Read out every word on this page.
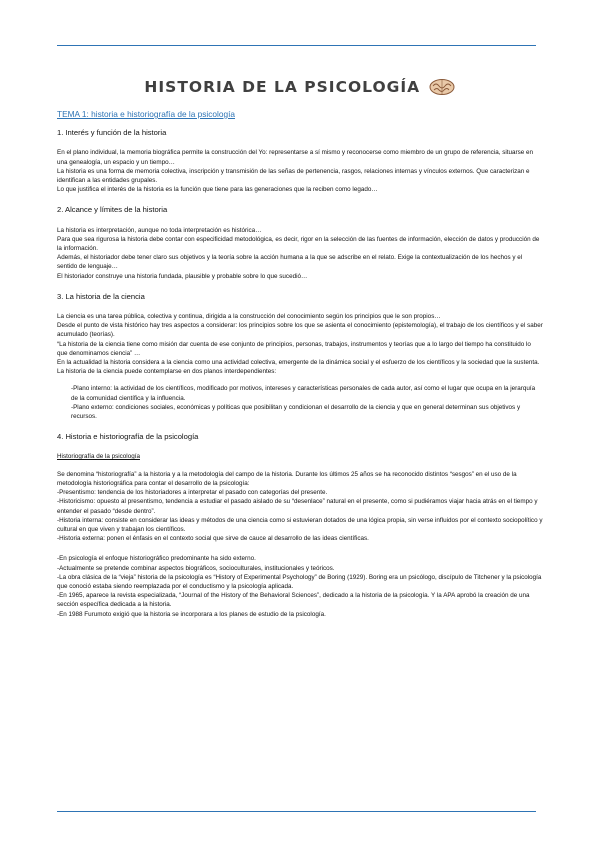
HISTORIA DE LA PSICOLOGÍA
TEMA 1: historia e historiografía de la psicología
1. Interés y función de la historia

En el plano individual, la memoria biográfica permite la construcción del Yo: representarse a sí mismo y reconocerse como miembro de un grupo de referencia, situarse en una genealogía, un espacio y un tiempo…

La historia es una forma de memoria colectiva, inscripción y transmisión de las señas de pertenencia, rasgos, relaciones internas y vínculos externos. Que caracterizan e identifican a las entidades grupales.

Lo que justifica el interés de la historia es la función que tiene para las generaciones que la reciben como legado…

2. Alcance y límites de la historia

La historia es interpretación, aunque no toda interpretación es histórica…

Para que sea rigurosa la historia debe contar con especificidad metodológica, es decir, rigor en la selección de las fuentes de información, elección de datos y producción de la información.

Además, el historiador debe tener claro sus objetivos y la teoría sobre la acción humana a la que se adscribe en el relato. Exige la contextualización de los hechos y el sentido de lenguaje…

El historiador construye una historia fundada, plausible y probable sobre lo que sucedió…

3. La historia de la ciencia

La ciencia es una tarea pública, colectiva y continua, dirigida a la construcción del conocimiento según los principios que le son propios…

Desde el punto de vista histórico hay tres aspectos a considerar: los principios sobre los que se asienta el conocimiento (epistemología), el trabajo de los científicos y el saber acumulado (teorías).

“La historia de la ciencia tiene como misión dar cuenta de ese conjunto de principios, personas, trabajos, instrumentos y teorías que a lo largo del tiempo ha constituido lo que denominamos ciencia” …

En la actualidad la historia considera a la ciencia como una actividad colectiva, emergente de la dinámica social y el esfuerzo de los científicos y la sociedad que la sustenta.

La historia de la ciencia puede contemplarse en dos planos interdependientes:

-Plano interno: la actividad de los científicos, modificado por motivos, intereses y características personales de cada autor, así como el lugar que ocupa en la jerarquía de la comunidad científica y la influencia.

-Plano externo: condiciones sociales, económicas y políticas que posibilitan y condicionan el desarrollo de la ciencia y que en general determinan sus objetivos y recursos.

4. Historia e historiografía de la psicología
Historiografía de la psicología

Se denomina “historiografía” a la historia y a la metodología del campo de la historia. Durante los últimos 25 años se ha reconocido distintos “sesgos” en el uso de la metodología historiográfica para contar el desarrollo de la psicología:

-Presentismo: tendencia de los historiadores a interpretar el pasado con categorías del presente.

-Historicismo: opuesto al presentismo, tendencia a estudiar el pasado aislado de su “desenlace” natural en el presente, como si pudiéramos viajar hacia atrás en el tiempo y entender el pasado “desde dentro”.

-Historia interna: consiste en considerar las ideas y métodos de una ciencia como si estuvieran dotados de una lógica propia, sin verse influidos por el contexto sociopolítico y cultural en que viven y trabajan los científicos.

-Historia externa: ponen el énfasis en el contexto social que sirve de cauce al desarrollo de las ideas científicas.

-En psicología el enfoque historiográfico predominante ha sido externo.

-Actualmente se pretende combinar aspectos biográficos, socioculturales, institucionales y teóricos.

-La obra clásica de la “vieja” historia de la psicología es “History of Experimental Psychology” de Boring (1929). Boring era un psicólogo, discípulo de Titchener y la psicología que conoció estaba siendo reemplazada por el conductismo y la psicología aplicada.

-En 1965, aparece la revista especializada, “Journal of the History of the Behavioral Sciences”, dedicado a la historia de la psicología. Y la APA aprobó la creación de una sección específica dedicada a la historia.

-En 1988 Furumoto exigió que la historia se incorporara a los planes de estudio de la psicología.
